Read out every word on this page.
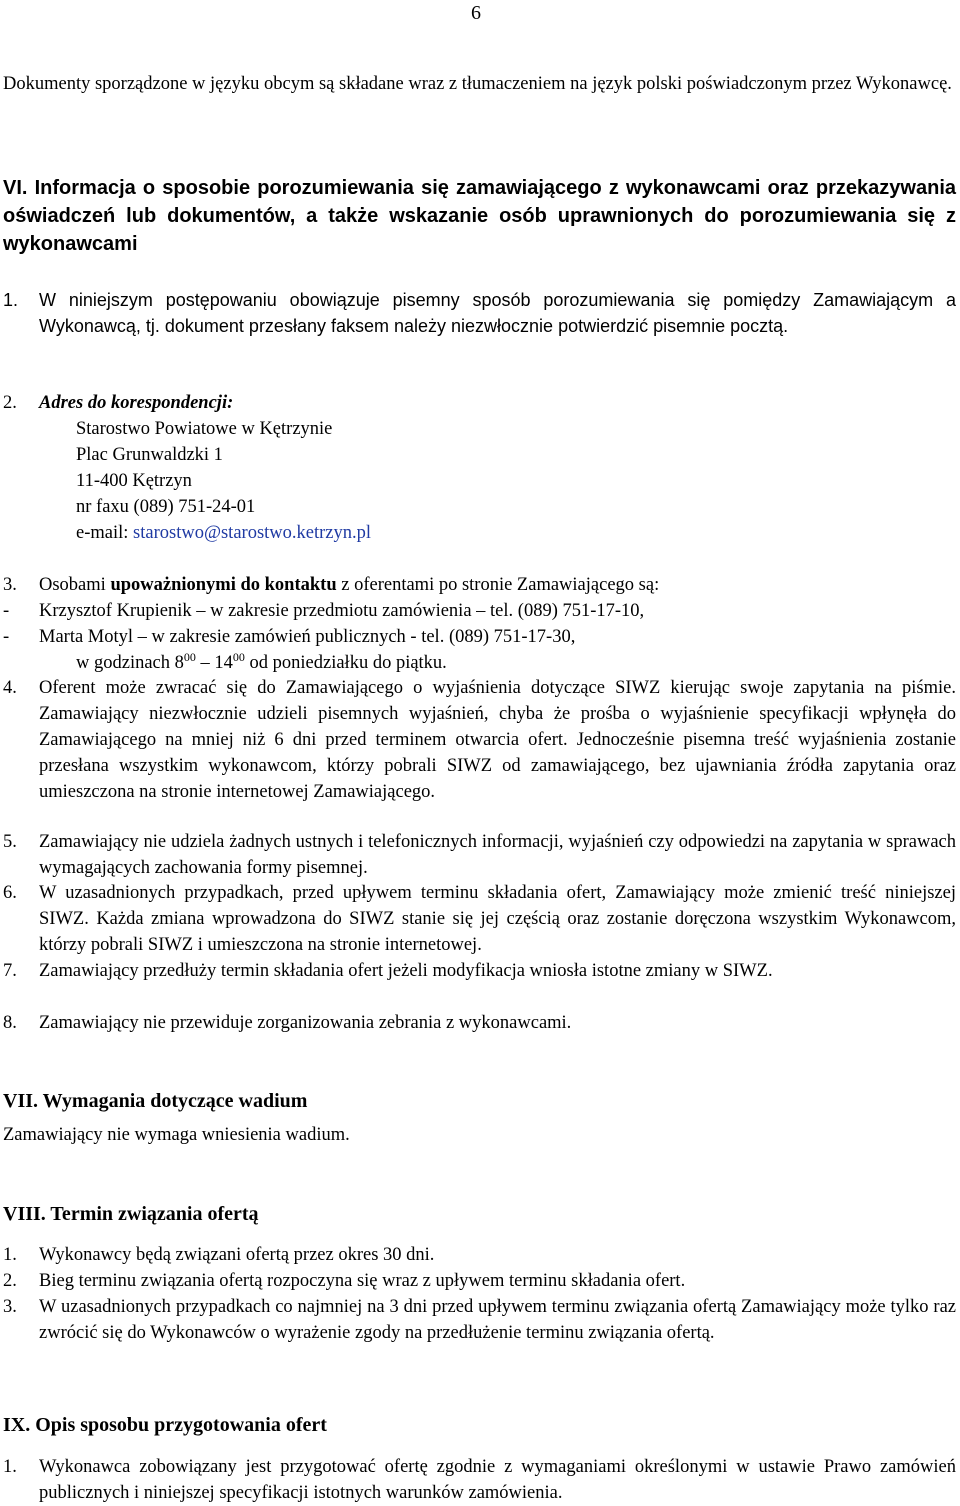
6
Dokumenty sporządzone w języku obcym są składane wraz z tłumaczeniem na język polski poświadczonym przez Wykonawcę.
VI. Informacja o sposobie porozumiewania się zamawiającego z wykonawcami oraz przekazywania oświadczeń lub dokumentów, a także wskazanie osób uprawnionych do porozumiewania się z wykonawcami
1. W niniejszym postępowaniu obowiązuje pisemny sposób porozumiewania się pomiędzy Zamawiającym a Wykonawcą, tj. dokument przesłany faksem należy niezwłocznie potwierdzić pisemnie pocztą.
2. Adres do korespondencji:
Starostwo Powiatowe w Kętrzynie
Plac Grunwaldzki 1
11-400 Kętrzyn
nr faxu (089) 751-24-01
e-mail: starostwo@starostwo.ketrzyn.pl
3. Osobami upoważnionymi do kontaktu z oferentami po stronie Zamawiającego są:
- Krzysztof Krupienik – w zakresie przedmiotu zamówienia – tel. (089) 751-17-10,
- Marta Motyl – w zakresie zamówień publicznych - tel. (089) 751-17-30,
w godzinach $8^{00} - 14^{00}$ od poniedziałku do piątku.
4. Oferent może zwracać się do Zamawiającego o wyjaśnienia dotyczące SIWZ kierując swoje zapytania na piśmie. Zamawiający niezwłocznie udzieli pisemnych wyjaśnień, chyba że prośba o wyjaśnienie specyfikacji wpłynęła do Zamawiającego na mniej niż 6 dni przed terminem otwarcia ofert. Jednocześnie pisemna treść wyjaśnienia zostanie przesłana wszystkim wykonawcom, którzy pobrali SIWZ od zamawiającego, bez ujawniania źródła zapytania oraz umieszczona na stronie internetowej Zamawiającego.
5. Zamawiający nie udziela żadnych ustnych i telefonicznych informacji, wyjaśnień czy odpowiedzi na zapytania w sprawach wymagających zachowania formy pisemnej.
6. W uzasadnionych przypadkach, przed upływem terminu składania ofert, Zamawiający może zmienić treść niniejszej SIWZ. Każda zmiana wprowadzona do SIWZ stanie się jej częścią oraz zostanie doręczona wszystkim Wykonawcom, którzy pobrali SIWZ i umieszczona na stronie internetowej.
7. Zamawiający przedłuży termin składania ofert jeżeli modyfikacja wniosła istotne zmiany w SIWZ.
8. Zamawiający nie przewiduje zorganizowania zebrania z wykonawcami.
VII. Wymagania dotyczące wadium
Zamawiający nie wymaga wniesienia wadium.
VIII. Termin związania ofertą
1. Wykonawcy będą związani ofertą przez okres 30 dni.
2. Bieg terminu związania ofertą rozpoczyna się wraz z upływem terminu składania ofert.
3. W uzasadnionych przypadkach co najmniej na 3 dni przed upływem terminu związania ofertą Zamawiający może tylko raz zwrócić się do Wykonawców o wyrażenie zgody na przedłużenie terminu związania ofertą.
IX. Opis sposobu przygotowania ofert
1. Wykonawca zobowiązany jest przygotować ofertę zgodnie z wymaganiami określonymi w ustawie Prawo zamówień publicznych i niniejszej specyfikacji istotnych warunków zamówienia.
